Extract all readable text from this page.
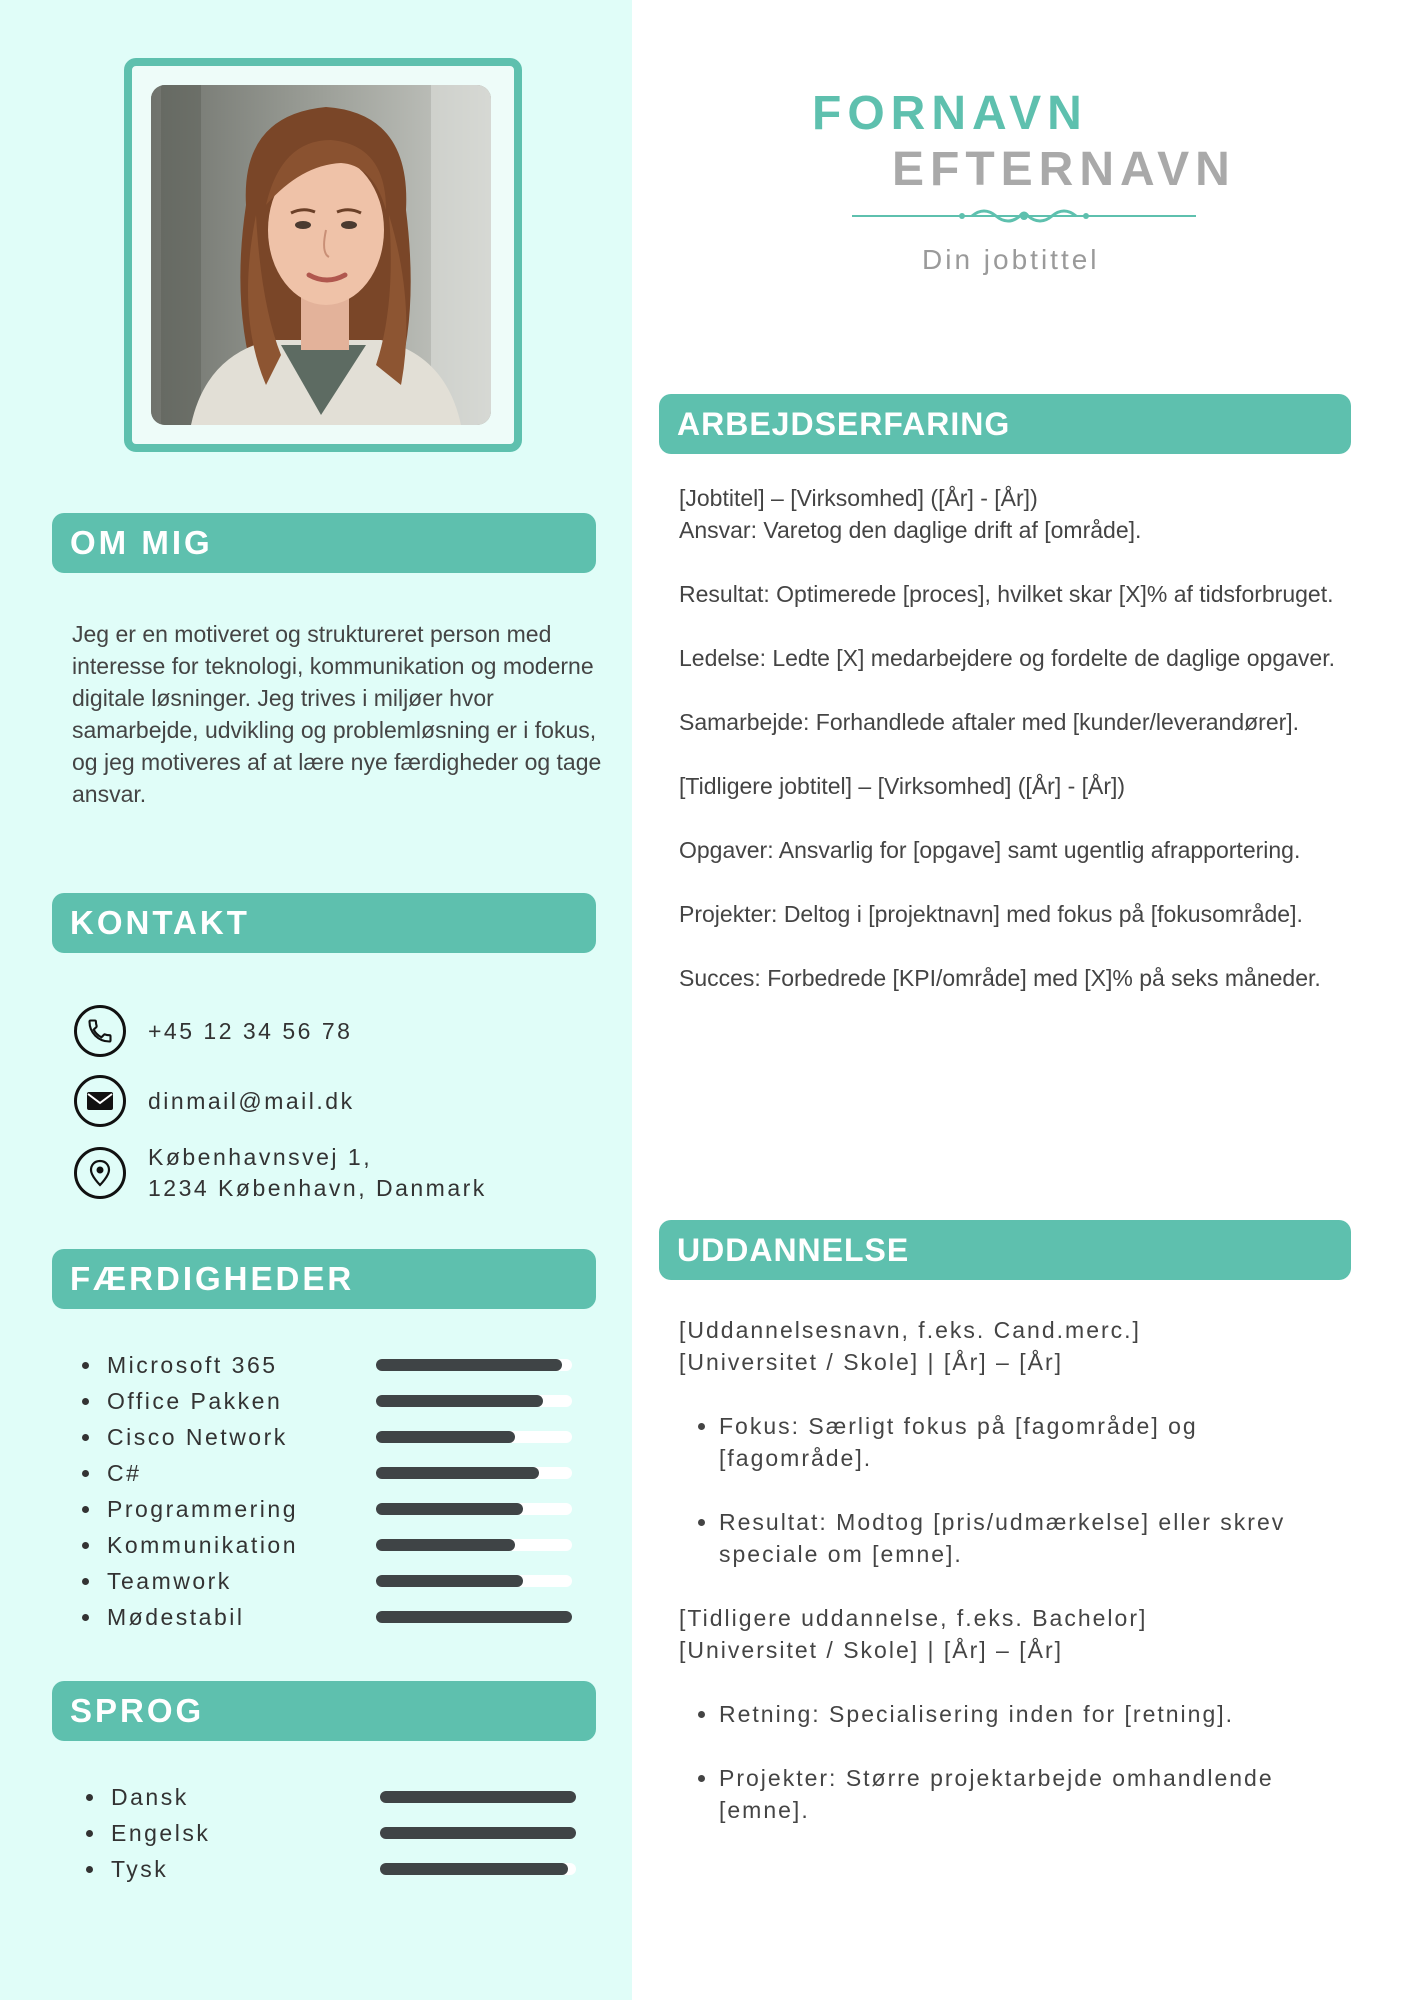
OM MIG
Jeg er en motiveret og struktureret person med interesse for teknologi, kommunikation og moderne digitale løsninger. Jeg trives i miljøer hvor samarbejde, udvikling og problemløsning er i fokus, og jeg motiveres af at lære nye færdigheder og tage ansvar.
KONTAKT
+45 12 34 56 78
dinmail@mail.dk
Københavnsvej 1,
1234 København, Danmark
FÆRDIGHEDER
Microsoft 365
Office Pakken
Cisco Network
C#
Programmering
Kommunikation
Teamwork
Mødestabil
SPROG
Dansk
Engelsk
Tysk
FORNAVN
EFTERNAVN
Din jobtittel
ARBEJDSERFARING

[Jobtitel] – [Virksomhed] ([År] - [År])

Ansvar: Varetog den daglige drift af [område].

Resultat: Optimerede [proces], hvilket skar [X]% af tidsforbruget.

Ledelse: Ledte [X] medarbejdere og fordelte de daglige opgaver.

Samarbejde: Forhandlede aftaler med [kunder/leverandører].

[Tidligere jobtitel] – [Virksomhed] ([År] - [År])

Opgaver: Ansvarlig for [opgave] samt ugentlig afrapportering.

Projekter: Deltog i [projektnavn] med fokus på [fokusområde].

Succes: Forbedrede [KPI/område] med [X]% på seks måneder.

UDDANNELSE

[Uddannelsesnavn, f.eks. Cand.merc.]
[Universitet / Skole] | [År] – [År]

• Fokus: Særligt fokus på [fagområde] og [fagområde].
• Resultat: Modtog [pris/udmærkelse] eller skrev speciale om [emne].

[Tidligere uddannelse, f.eks. Bachelor]
[Universitet / Skole] | [År] – [År]

• Retning: Specialisering inden for [retning].
• Projekter: Større projektarbejde omhandlende [emne].
